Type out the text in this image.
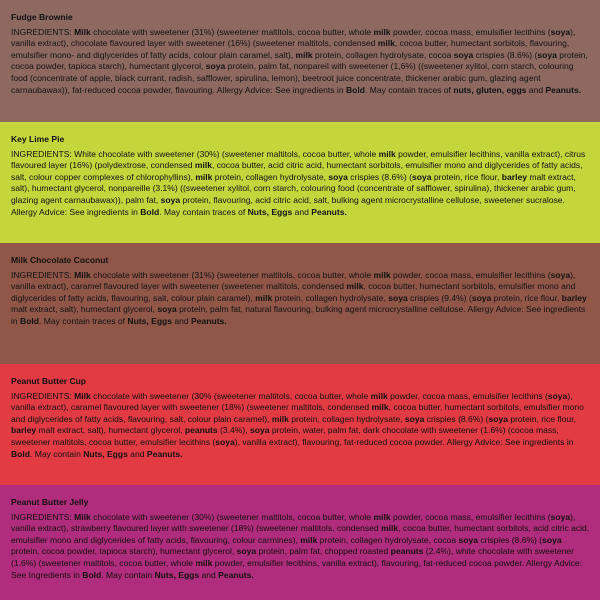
Fudge Brownie

INGREDIENTS: Milk chocolate with sweetener (31%) (sweetener maltitols, cocoa butter, whole milk powder, cocoa mass, emulsifier lecithins (soya), vanilla extract), chocolate flavoured layer with sweetener (16%) (sweetener maltitols, condensed milk, cocoa butter, humectant sorbitols, flavouring, emulsifier mono- and diglycerides of fatty acids, colour plain caramel, salt), milk protein, collagen hydrolysate, cocoa soya crispies (8.6%) (soya protein, cocoa powder, tapioca starch), humectant glycerol, soya protein, palm fat, nonpareil with sweetener (1,6%) ((sweetener xylitol, corn starch, colouring food (concentrate of apple, black currant, radish, safflower, spirulina, lemon), beetroot juice concentrate, thickener arabic gum, glazing agent carnaubawax)), fat-reduced cocoa powder, flavouring. Allergy Advice: See ingredients in Bold. May contain traces of nuts, gluten, eggs and Peanuts.

Key Lime Pie

INGREDIENTS: White chocolate with sweetener (30%) (sweetener maltitols, cocoa butter, whole milk powder, emulsifier lecithins, vanilla extract), citrus flavoured layer (16%) (polydextrose, condensed milk, cocoa butter, acid citric acid, humectant sorbitols, emulsifier mono and diglycerides of fatty acids, salt, colour copper complexes of chlorophyllins), milk protein, collagen hydrolysate, soya crispies (8.6%) (soya protein, rice flour, barley malt extract, salt), humectant glycerol, nonpareille (3.1%) ((sweetener xylitol, corn starch, colouring food (concentrate of safflower, spirulina), thickener arabic gum, glazing agent carnaubawax)), palm fat, soya protein, flavouring, acid citric acid, salt, bulking agent microcrystalline cellulose, sweetener sucralose. Allergy Advice: See ingredients in Bold. May contain traces of Nuts, Eggs and Peanuts.

Milk Chocolate Coconut

INGREDIENTS: Milk chocolate with sweetener (31%) (sweetener maltitols, cocoa butter, whole milk powder, cocoa mass, emulsifier lecithins (soya), vanilla extract), caramel flavoured layer with sweetener (sweetener maltitols, condensed milk, cocoa butter, humectant sorbitols, emulsifier mono and diglycerides of fatty acids, flavouring, salt, colour plain caramel), milk protein, collagen hydrolysate, soya crispies (9.4%) (soya protein, rice flour, barley malt extract, salt), humectant glycerol, soya protein, palm fat, natural flavouring, bulking agent microcrystalline cellulose. Allergy Advice: See ingredients in Bold. May contain traces of Nuts, Eggs and Peanuts.

Peanut Butter Cup

INGREDIENTS: Milk chocolate with sweetener (30% (sweetener maltitols, cocoa butter, whole milk powder, cocoa mass, emulsifier lecithins (soya), vanilla extract), caramel flavoured layer with sweetener (18%) (sweetener maltitols, condensed milk, cocoa butter, humectant sorbitols, emulsifier mono and diglycerides of fatty acids, flavouring, salt, colour plain caramel), milk protein, collagen hydrolysate, soya crispies (8.6%) (soya protein, rice flour, barley malt extract, salt), humectant glycerol, peanuts (3.4%), soya protein, water, palm fat, dark chocolate with sweetener (1.6%) (cocoa mass, sweetener maltitols, cocoa butter, emulsifier lecithins (soya), vanilla extract), flavouring, fat-reduced cocoa powder. Allergy Advice: See ingredients in Bold. May contain Nuts, Eggs and Peanuts.

Peanut Butter Jelly

INGREDIENTS: Milk chocolate with sweetener (30%) (sweetener maltitols, cocoa butter, whole milk powder, cocoa mass, emulsifier lecithins (soya), vanilla extract), strawberry flavoured layer with sweetener (18%) (sweetener maltitols, condensed milk, cocoa butter, humectant sorbitols, acid citric acid, emulsifier mono and diglycerides of fatty acids, flavouring, colour carmines), milk protein, collagen hydrolysate, cocoa soya crispies (8.6%) (soya protein, cocoa powder, tapioca starch), humectant glycerol, soya protein, palm fat, chopped roasted peanuts (2.4%), white chocolate with sweetener (1.6%) (sweetener maltitols, cocoa butter, whole milk powder, emulsifier lecithins, vanilla extract), flavouring, fat-reduced cocoa powder. Allergy Advice: See Ingredients in Bold. May contain Nuts, Eggs and Peanuts.
